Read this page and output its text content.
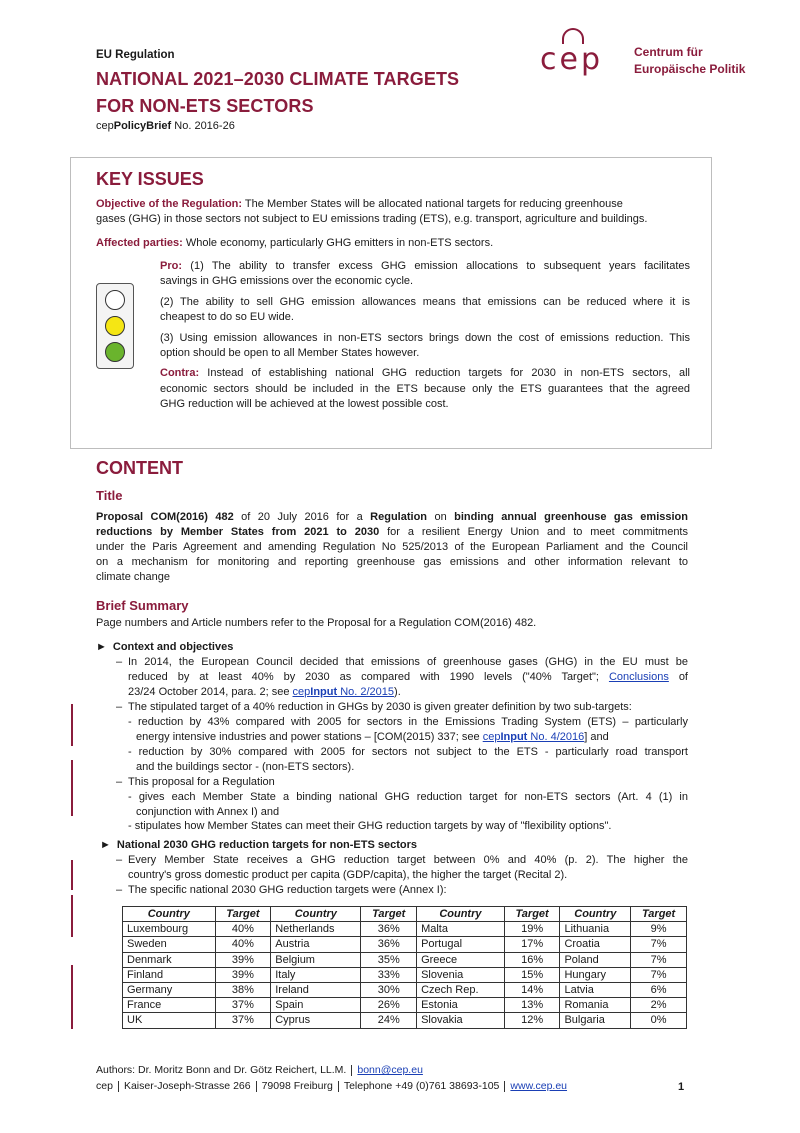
EU Regulation
NATIONAL 2021–2030 CLIMATE TARGETS
FOR NON-ETS SECTORS
cepPolicyBrief No. 2016-26
cep	Centrum für
Europäische Politik
KEY ISSUES
Objective of the Regulation: The Member States will be allocated national targets for reducing greenhouse
gases (GHG) in those sectors not subject to EU emissions trading (ETS), e.g. transport, agriculture and buildings.
Affected parties: Whole economy, particularly GHG emitters in non-ETS sectors.
Pro: (1) The ability to transfer excess GHG emission allocations to subsequent years facilitates
savings in GHG emissions over the economic cycle.
(2) The ability to sell GHG emission allowances means that emissions can be reduced where it is
cheapest to do so EU wide.
(3) Using emission allowances in non-ETS sectors brings down the cost of emissions reduction. This
option should be open to all Member States however.
Contra: Instead of establishing national GHG reduction targets for 2030 in non-ETS sectors, all
economic sectors should be included in the ETS because only the ETS guarantees that the agreed
GHG reduction will be achieved at the lowest possible cost.
CONTENT
Title
Proposal COM(2016) 482 of 20 July 2016 for a Regulation on binding annual greenhouse gas emission
reductions by Member States from 2021 to 2030 for a resilient Energy Union and to meet commitments
under the Paris Agreement and amending Regulation No 525/2013 of the European Parliament and the Council
on a mechanism for monitoring and reporting greenhouse gas emissions and other information relevant to
climate change
Brief Summary
Page numbers and Article numbers refer to the Proposal for a Regulation COM(2016) 482.
► Context and objectives
– In 2014, the European Council decided that emissions of greenhouse gases (GHG) in the EU must be
reduced by at least 40% by 2030 as compared with 1990 levels ("40% Target"; Conclusions of
23/24 October 2014, para. 2; see cepInput No. 2/2015).
– The stipulated target of a 40% reduction in GHGs by 2030 is given greater definition by two sub-targets:
- reduction by 43% compared with 2005 for sectors in the Emissions Trading System (ETS) – particularly
energy intensive industries and power stations – [COM(2015) 337; see cepInput No. 4/2016] and
- reduction by 30% compared with 2005 for sectors not subject to the ETS - particularly road transport
and the buildings sector - (non-ETS sectors).
– This proposal for a Regulation
- gives each Member State a binding national GHG reduction target for non-ETS sectors (Art. 4 (1) in
conjunction with Annex I) and
- stipulates how Member States can meet their GHG reduction targets by way of "flexibility options".
► National 2030 GHG reduction targets for non-ETS sectors
– Every Member State receives a GHG reduction target between 0% and 40% (p. 2). The higher the
country's gross domestic product per capita (GDP/capita), the higher the target (Recital 2).
– The specific national 2030 GHG reduction targets were (Annex I):
Country	Target	Country	Target	Country	Target	Country	Target
Luxembourg	40%	Netherlands	36%	Malta	19%	Lithuania	9%
Sweden	40%	Austria	36%	Portugal	17%	Croatia	7%
Denmark	39%	Belgium	35%	Greece	16%	Poland	7%
Finland	39%	Italy	33%	Slovenia	15%	Hungary	7%
Germany	38%	Ireland	30%	Czech Rep.	14%	Latvia	6%
France	37%	Spain	26%	Estonia	13%	Romania	2%
UK	37%	Cyprus	24%	Slovakia	12%	Bulgaria	0%
Authors: Dr. Moritz Bonn and Dr. Götz Reichert, LL.M. bonn@cep.eu
cep Kaiser-Joseph-Strasse 266 79098 Freiburg Telephone +49 (0)761 38693-105 www.cep.eu	1
